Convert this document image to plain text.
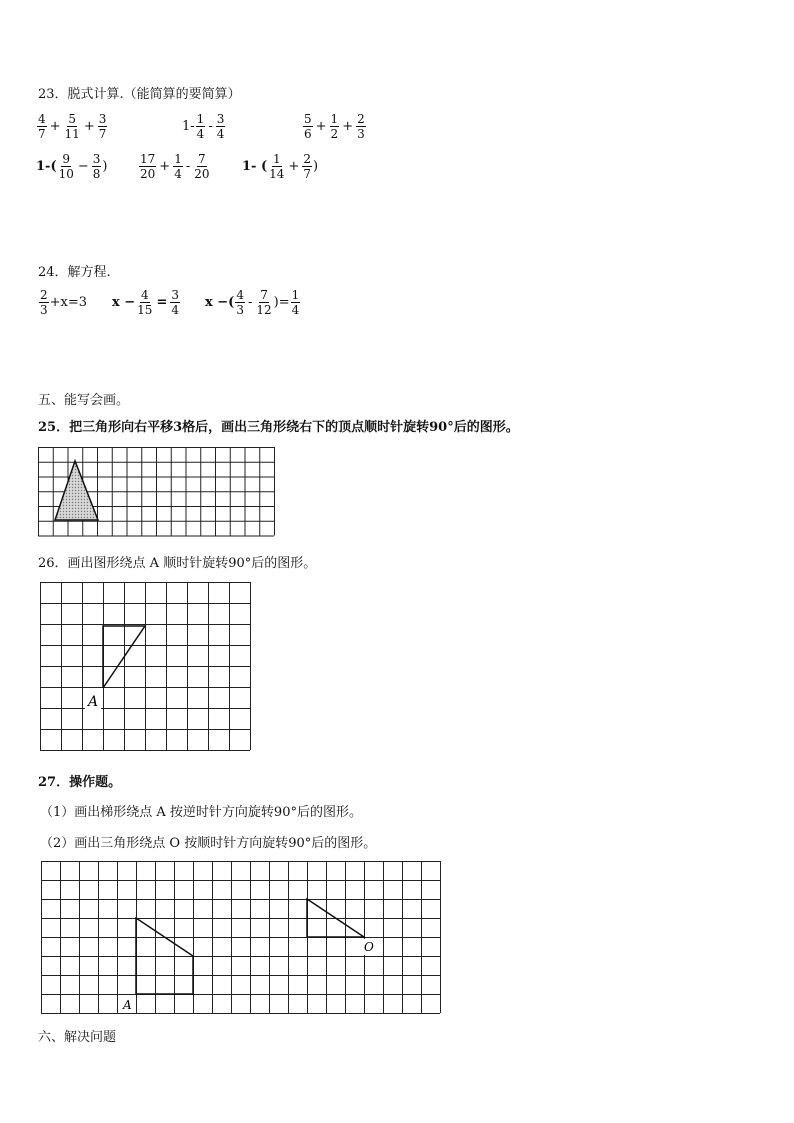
23．脱式计算.（能简算的要简算）
$\frac{4}{7} + \frac{5}{11} + \frac{3}{7}$	$1- \frac{1}{4} - \frac{3}{4}$	$\frac{5}{6} + \frac{1}{2} + \frac{2}{3}$
$1-( \frac{9}{10} - \frac{3}{8}$ )	$\frac{17}{20} + \frac{1}{4} - \frac{7}{20} 1-$ ( $\frac{1}{14} + \frac{2}{7}$ )
24．解方程.
$\frac{2}{3} +x=3$ $x - \frac{4}{15} = \frac{3}{4}$ x −( $\frac{4}{3} - \frac{7}{12}$ )= $\frac{1}{4}$
五、能写会画。
25．把三角形向右平移3格后，画出三角形绕右下的顶点顺时针旋转90°后的图形。
26．画出图形绕点 A 顺时针旋转90°后的图形。
A
27．操作题。
（1）画出梯形绕点 A 按逆时针方向旋转90°后的图形。
（2）画出三角形绕点 O 按顺时针方向旋转90°后的图形。
A
O
六、解决问题
